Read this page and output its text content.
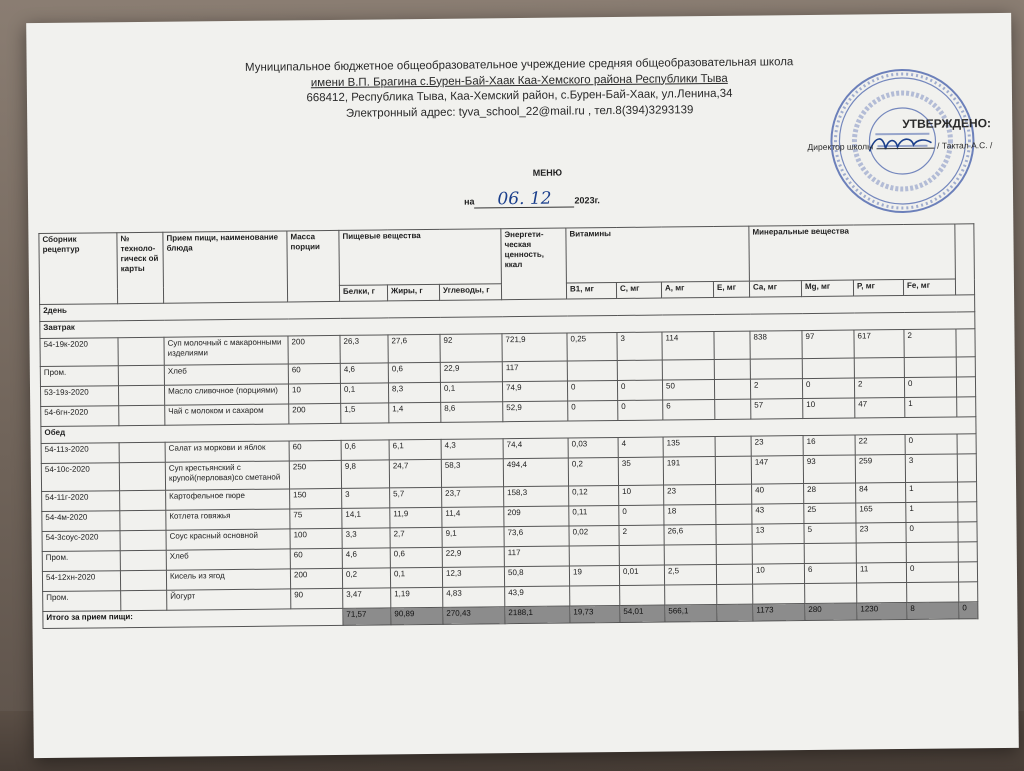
Муниципальное бюджетное общеобразовательное учреждение средняя общеобразовательная школа
имени В.П. Брагина с.Бурен-Бай-Хаак Каа-Хемского района Республики Тыва
668412, Республика Тыва, Каа-Хемский район, с.Бурен-Бай-Хаак, ул.Ленина,34
Электронный адрес: tyva_school_22@mail.ru , тел.8(394)3293139
УТВЕРЖДЕНО:
Директор школы	/ Тактал А.С. /
МЕНЮ
на 06. 12	2023г.
Сборник рецептур	№ техноло-гическ ой карты	Прием пищи, наименование блюда	Масса порции	Пищевые вещества			Энергети-ческая ценность, ккал	Витамины				Минеральные вещества				
				Белки, г	Жиры, г	Углеводы, г		В1, мг	С, мг	А, мг	Е, мг	Са, мг	Mg, мг	Р, мг	Fe, мг	
2день																
Завтрак																
54-19к-2020		Суп молочный с макаронными изделиями	200	26,3	27,6	92	721,9	0,25	3	114		838	97	617	2	
Пром.		Хлеб	60	4,6	0,6	22,9	117									
53-19з-2020		Масло сливочное (порциями)	10	0,1	8,3	0,1	74,9	0	0	50		2	0	2	0	
54-6гн-2020		Чай с молоком и сахаром	200	1,5	1,4	8,6	52,9	0	0	6		57	10	47	1	
Обед																
54-11з-2020		Салат из моркови и яблок	60	0,6	6,1	4,3	74,4	0,03	4	135		23	16	22	0	
54-10с-2020		Суп крестьянский с крупой(перловая)со сметаной	250	9,8	24,7	58,3	494,4	0,2	35	191		147	93	259	3	
54-11г-2020		Картофельное пюре	150	3	5,7	23,7	158,3	0,12	10	23		40	28	84	1	
54-4м-2020		Котлета говяжья	75	14,1	11,9	11,4	209	0,11	0	18		43	25	165	1	
54-3соус-2020		Соус красный основной	100	3,3	2,7	9,1	73,6	0,02	2	26,6		13	5	23	0	
Пром.		Хлеб	60	4,6	0,6	22,9	117									
54-12хн-2020		Кисель из ягод	200	0,2	0,1	12,3	50,8	19	0,01	2,5		10	6	11	0	
Пром.		Йогурт	90	3,47	1,19	4,83	43,9									
Итого за прием пищи:				71,57	90,89	270,43	2188,1	19,73	54,01	566,1		1173	280	1230	8	0
